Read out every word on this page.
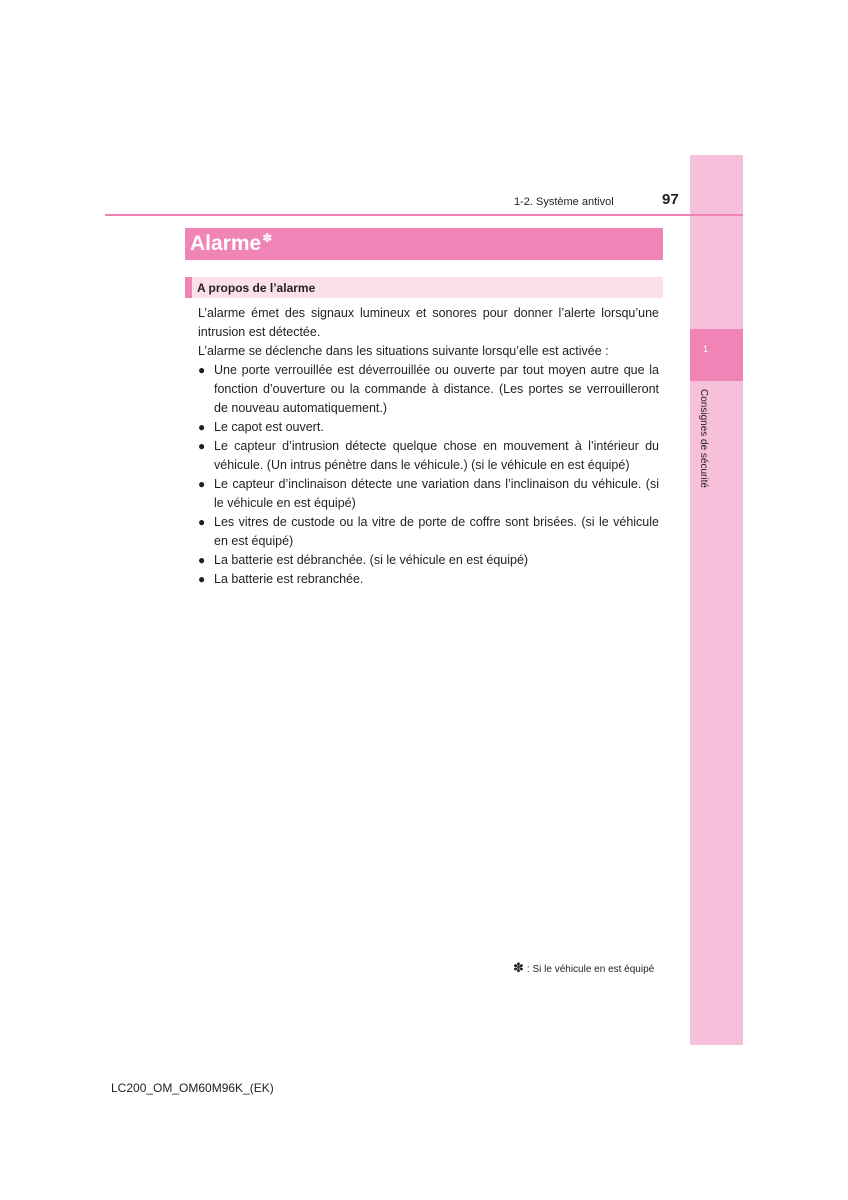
1
Consignes de sécurité
1-2. Système antivol	97
Alarme✽
A propos de l’alarme

L’alarme émet des signaux lumineux et sonores pour donner l’alerte lorsqu’une intrusion est détectée.

L’alarme se déclenche dans les situations suivante lorsqu’elle est activée :

● Une porte verrouillée est déverrouillée ou ouverte par tout moyen autre que la fonction d’ouverture ou la commande à distance. (Les portes se verrouilleront de nouveau automatiquement.)
● Le capot est ouvert.
● Le capteur d’intrusion détecte quelque chose en mouvement à l’intérieur du véhicule. (Un intrus pénètre dans le véhicule.) (si le véhicule en est équipé)
● Le capteur d’inclinaison détecte une variation dans l’inclinaison du véhicule. (si le véhicule en est équipé)
● Les vitres de custode ou la vitre de porte de coffre sont brisées. (si le véhicule en est équipé)
● La batterie est débranchée. (si le véhicule en est équipé)
● La batterie est rebranchée.
✽ : Si le véhicule en est équipé
LC200_OM_OM60M96K_(EK)
